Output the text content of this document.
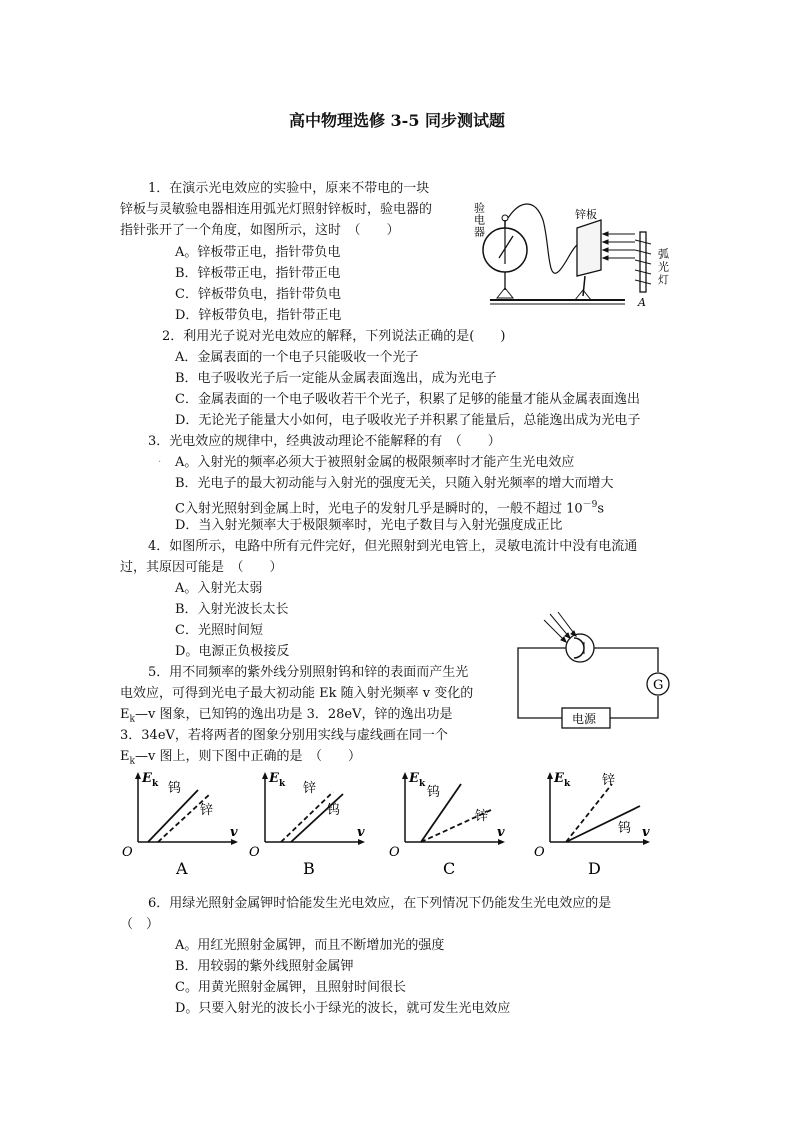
高中物理选修 3-5 同步测试题
1．在演示光电效应的实验中，原来不带电的一块
锌板与灵敏验电器相连用弧光灯照射锌板时，验电器的
指针张开了一个角度，如图所示，这时　（　　）
A。锌板带正电，指针带负电
B．锌板带正电，指针带正电
C．锌板带负电，指针带负电
D．锌板带负电，指针带正电
验电器	锌板
A
弧光灯
2．利用光子说对光电效应的解释，下列说法正确的是(　　)
A．金属表面的一个电子只能吸收一个光子
B．电子吸收光子后一定能从金属表面逸出，成为光电子
C．金属表面的一个电子吸收若干个光子，积累了足够的能量才能从金属表面逸出
D．无论光子能量大小如何，电子吸收光子并积累了能量后，总能逸出成为光电子
3．光电效应的规律中，经典波动理论不能解释的有　（　　）
. A。入射光的频率必须大于被照射金属的极限频率时才能产生光电效应
B．光电子的最大初动能与入射光的强度无关，只随入射光频率的增大而增大
C入射光照射到金属上时，光电子的发射几乎是瞬时的，一般不超过 $10^{-9}s$
D．当入射光频率大于极限频率时，光电子数目与入射光强度成正比
4．如图所示，电路中所有元件完好，但光照射到光电管上，灵敏电流计中没有电流通
过，其原因可能是　（　　）
A。入射光太弱
B．入射光波长太长
C．光照时间短
D。电源正负极接反
G
电源
5．用不同频率的紫外线分别照射钨和锌的表面而产生光
电效应，可得到光电子最大初动能 Ek 随入射光频率 v 变化的
$E_k—v$ 图象，已知钨的逸出功是 3．28eV，锌的逸出功是
3．34eV，若将两者的图象分别用实线与虚线画在同一个
$E_k—v$ 图上，则下图中正确的是　（　　）
E k
v
O
钨
锌
A
E k
v
O
钨
锌
B
E k
v
O
钨
锌
C
E k
v
O
钨
锌
D
6．用绿光照射金属钾时恰能发生光电效应，在下列情况下仍能发生光电效应的是
（　）
A。用红光照射金属钾，而且不断增加光的强度
B．用较弱的紫外线照射金属钾
C。用黄光照射金属钾，且照射时间很长
D。只要入射光的波长小于绿光的波长，就可发生光电效应
